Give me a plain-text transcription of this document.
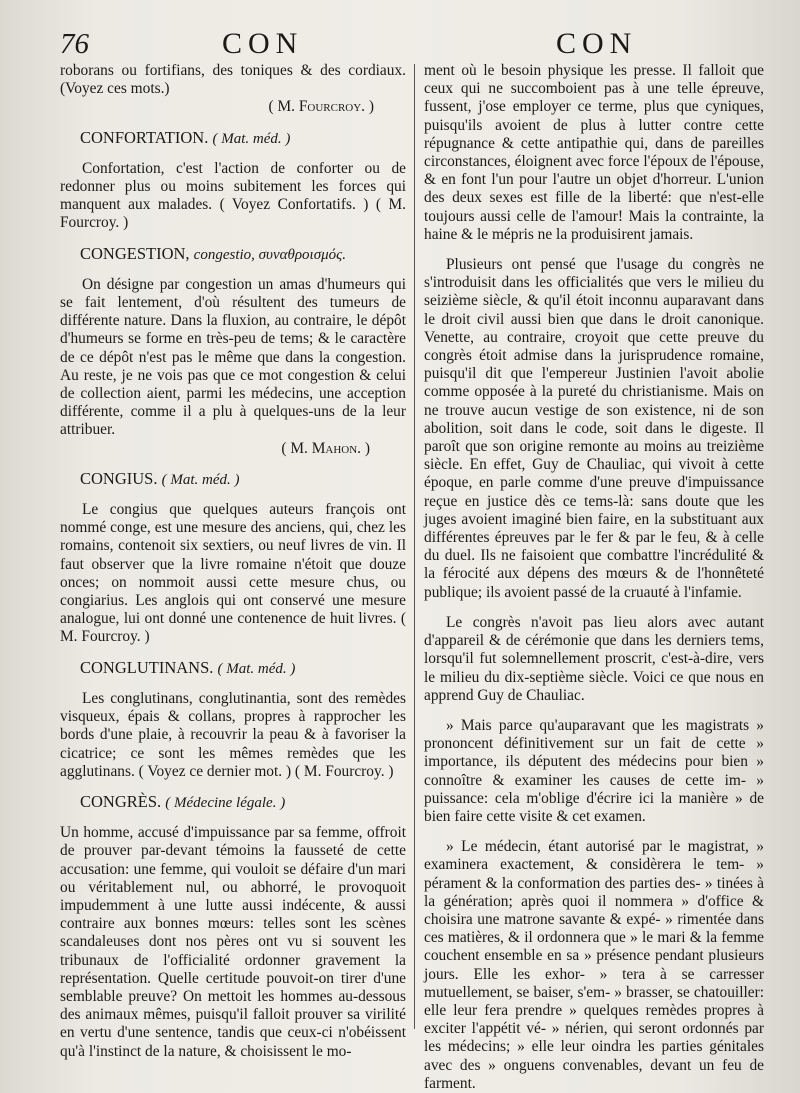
76	CON	CON

roborans ou fortifians, des toniques & des cordiaux. (Voyez ces mots.)

( M. Fourcroy. )

CONFORTATION. ( Mat. méd. )

Confortation, c'est l'action de conforter ou de redonner plus ou moins subitement les forces qui manquent aux malades. ( Voyez Confortatifs. ) ( M. Fourcroy. )

CONGESTION, congestio, συναθροισμός.

On désigne par congestion un amas d'humeurs qui se fait lentement, d'où résultent des tumeurs de différente nature. Dans la fluxion, au contraire, le dépôt d'humeurs se forme en très-peu de tems; & le caractère de ce dépôt n'est pas le même que dans la congestion. Au reste, je ne vois pas que ce mot congestion & celui de collection aient, parmi les médecins, une acception différente, comme il a plu à quelques-uns de la leur attribuer.

( M. Mahon. )

CONGIUS. ( Mat. méd. )

Le congius que quelques auteurs françois ont nommé conge, est une mesure des anciens, qui, chez les romains, contenoit six sextiers, ou neuf livres de vin. Il faut observer que la livre romaine n'étoit que douze onces; on nommoit aussi cette mesure chus, ou congiarius. Les anglois qui ont conservé une mesure analogue, lui ont donné une contenence de huit livres. ( M. Fourcroy. )

CONGLUTINANS. ( Mat. méd. )

Les conglutinans, conglutinantia, sont des remèdes visqueux, épais & collans, propres à rapprocher les bords d'une plaie, à recouvrir la peau & à favoriser la cicatrice; ce sont les mêmes remèdes que les agglutinans. ( Voyez ce dernier mot. ) ( M. Fourcroy. )

CONGRÈS. ( Médecine légale. )

Un homme, accusé d'impuissance par sa femme, offroit de prouver par-devant témoins la fausseté de cette accusation: une femme, qui vouloit se défaire d'un mari ou véritablement nul, ou abhorré, le provoquoit impudemment à une lutte aussi indécente, & aussi contraire aux bonnes mœurs: telles sont les scènes scandaleuses dont nos pères ont vu si souvent les tribunaux de l'officialité ordonner gravement la représentation. Quelle certitude pouvoit-on tirer d'une semblable preuve? On mettoit les hommes au-dessous des animaux mêmes, puisqu'il falloit prouver sa virilité en vertu d'une sentence, tandis que ceux-ci n'obéissent qu'à l'instinct de la nature, & choisissent le mo-

ment où le besoin physique les presse. Il falloit que ceux qui ne succomboient pas à une telle épreuve, fussent, j'ose employer ce terme, plus que cyniques, puisqu'ils avoient de plus à lutter contre cette répugnance & cette antipathie qui, dans de pareilles circonstances, éloignent avec force l'époux de l'épouse, & en font l'un pour l'autre un objet d'horreur. L'union des deux sexes est fille de la liberté: que n'est-elle toujours aussi celle de l'amour! Mais la contrainte, la haine & le mépris ne la produisirent jamais.

Plusieurs ont pensé que l'usage du congrès ne s'introduisit dans les officialités que vers le milieu du seizième siècle, & qu'il étoit inconnu auparavant dans le droit civil aussi bien que dans le droit canonique. Venette, au contraire, croyoit que cette preuve du congrès étoit admise dans la jurisprudence romaine, puisqu'il dit que l'empereur Justinien l'avoit abolie comme opposée à la pureté du christianisme. Mais on ne trouve aucun vestige de son existence, ni de son abolition, soit dans le code, soit dans le digeste. Il paroît que son origine remonte au moins au treizième siècle. En effet, Guy de Chauliac, qui vivoit à cette époque, en parle comme d'une preuve d'impuissance reçue en justice dès ce tems-là: sans doute que les juges avoient imaginé bien faire, en la substituant aux différentes épreuves par le fer & par le feu, & à celle du duel. Ils ne faisoient que combattre l'incrédulité & la férocité aux dépens des mœurs & de l'honnêteté publique; ils avoient passé de la cruauté à l'infamie.

Le congrès n'avoit pas lieu alors avec autant d'appareil & de cérémonie que dans les derniers tems, lorsqu'il fut solemnellement proscrit, c'est-à-dire, vers le milieu du dix-septième siècle. Voici ce que nous en apprend Guy de Chauliac.

» Mais parce qu'auparavant que les magistrats » prononcent définitivement sur un fait de cette » importance, ils députent des médecins pour bien » connoître & examiner les causes de cette im- » puissance: cela m'oblige d'écrire ici la manière » de bien faire cette visite & cet examen.

» Le médecin, étant autorisé par le magistrat, » examinera exactement, & considèrera le tem- » pérament & la conformation des parties des- » tinées à la génération; après quoi il nommera » d'office & choisira une matrone savante & expé- » rimentée dans ces matières, & il ordonnera que » le mari & la femme couchent ensemble en sa » présence pendant plusieurs jours. Elle les exhor- » tera à se carresser mutuellement, se baiser, s'em- » brasser, se chatouiller: elle leur fera prendre » quelques remèdes propres à exciter l'appétit vé- » nérien, qui seront ordonnés par les médecins; » elle leur oindra les parties génitales avec des » onguens convenables, devant un feu de farment.
